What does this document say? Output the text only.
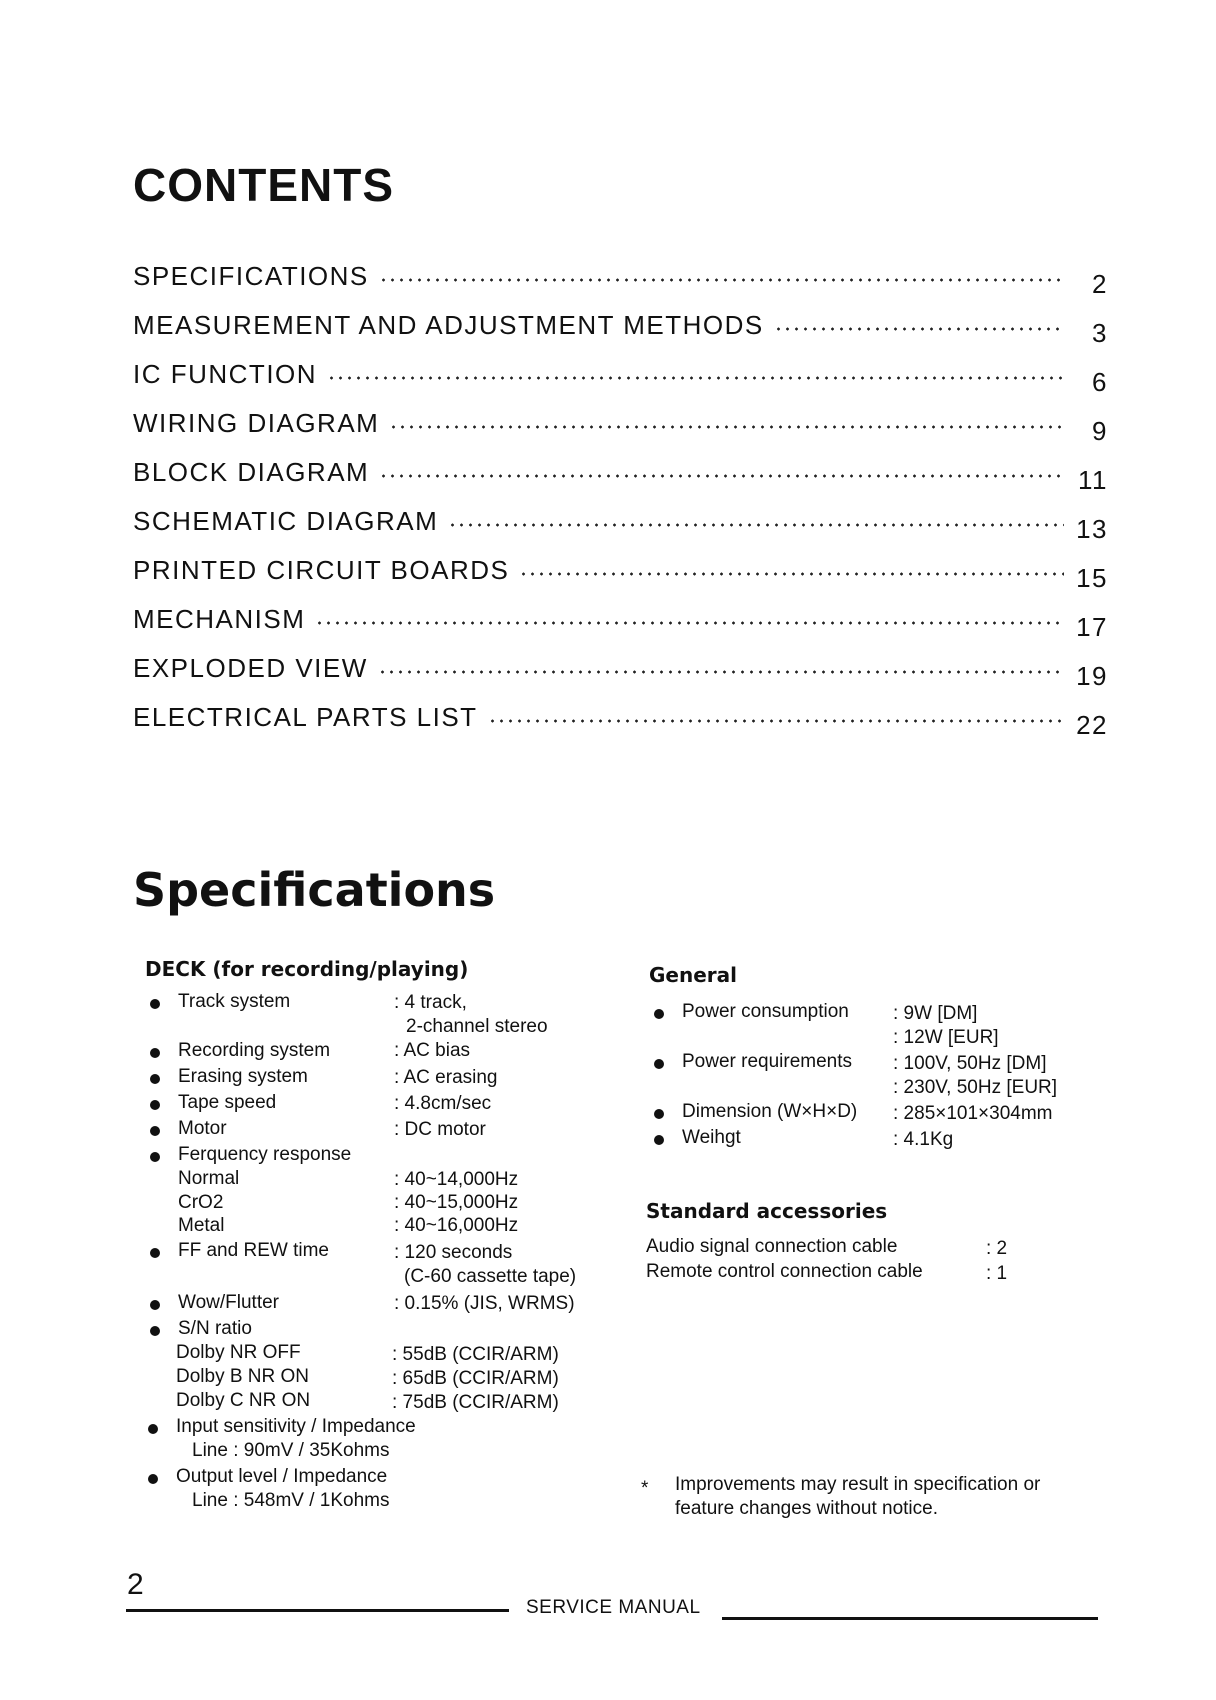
CONTENTS
SPECIFICATIONS	2
MEASUREMENT AND ADJUSTMENT METHODS	3
IC FUNCTION	6
WIRING DIAGRAM	9
BLOCK DIAGRAM	11
SCHEMATIC DIAGRAM	13
PRINTED CIRCUIT BOARDS	15
MECHANISM	17
EXPLODED VIEW	19
ELECTRICAL PARTS LIST	22
Specifications
DECK (for recording/playing)
Track system	: 4 track,
2-channel stereo
Recording system	: AC bias
Erasing system	: AC erasing
Tape speed	: 4.8cm/sec
Motor	: DC motor
Ferquency response
Normal	: 40~14,000Hz
CrO2	: 40~15,000Hz
Metal	: 40~16,000Hz
FF and REW time	: 120 seconds
(C-60 cassette tape)
Wow/Flutter	: 0.15% (JIS, WRMS)
S/N ratio
Dolby NR OFF	: 55dB (CCIR/ARM)
Dolby B NR ON	: 65dB (CCIR/ARM)
Dolby C NR ON	: 75dB (CCIR/ARM)
Input sensitivity / Impedance
Line : 90mV / 35Kohms
Output level / Impedance
Line : 548mV / 1Kohms
General
Power consumption : 9W [DM]
: 12W [EUR]
Power requirements : 100V, 50Hz [DM]
: 230V, 50Hz [EUR]
Dimension (W×H×D) : 285×101×304mm
Weihgt	: 4.1Kg
Standard accessories
Audio signal connection cable	: 2
Remote control connection cable	: 1
* Improvements may result in specification or
feature changes without notice.
2
SERVICE MANUAL
